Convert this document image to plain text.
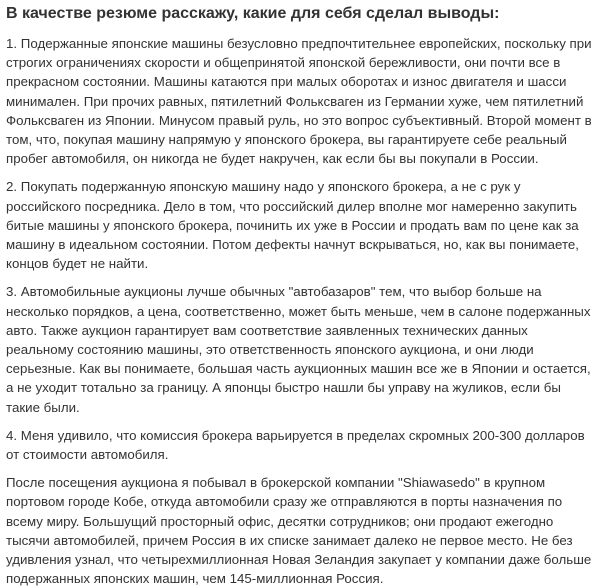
В качестве резюме расскажу, какие для себя сделал выводы:

1. Подержанные японские машины безусловно предпочтительнее европейских, поскольку при строгих ограничениях скорости и общепринятой японской бережливости, они почти все в прекрасном состоянии. Машины катаются при малых оборотах и износ двигателя и шасси минимален. При прочих равных, пятилетний Фольксваген из Германии хуже, чем пятилетний Фольксваген из Японии. Минусом правый руль, но это вопрос субъективный. Второй момент в том, что, покупая машину напрямую у японского брокера, вы гарантируете себе реальный пробег автомобиля, он никогда не будет накручен, как если бы вы покупали в России.

2. Покупать подержанную японскую машину надо у японского брокера, а не с рук у российского посредника. Дело в том, что российский дилер вполне мог намеренно закупить битые машины у японского брокера, починить их уже в России и продать вам по цене как за машину в идеальном состоянии. Потом дефекты начнут вскрываться, но, как вы понимаете, концов будет не найти.

3. Автомобильные аукционы лучше обычных "автобазаров" тем, что выбор больше на несколько порядков, а цена, соответственно, может быть меньше, чем в салоне подержанных авто. Также аукцион гарантирует вам соответствие заявленных технических данных реальному состоянию машины, это ответственность японского аукциона, и они люди серьезные. Как вы понимаете, большая часть аукционных машин все же в Японии и остается, а не уходит тотально за границу. А японцы быстро нашли бы управу на жуликов, если бы такие были.

4. Меня удивило, что комиссия брокера варьируется в пределах скромных 200-300 долларов от стоимости автомобиля.

После посещения аукциона я побывал в брокерской компании "Shiawasedo" в крупном портовом городе Кобе, откуда автомобили сразу же отправляются в порты назначения по всему миру. Большущий просторный офис, десятки сотрудников; они продают ежегодно тысячи автомобилей, причем Россия в их списке занимает далеко не первое место. Не без удивления узнал, что четырехмиллионная Новая Зеландия закупает у компании даже больше подержанных японских машин, чем 145-миллионная Россия.
